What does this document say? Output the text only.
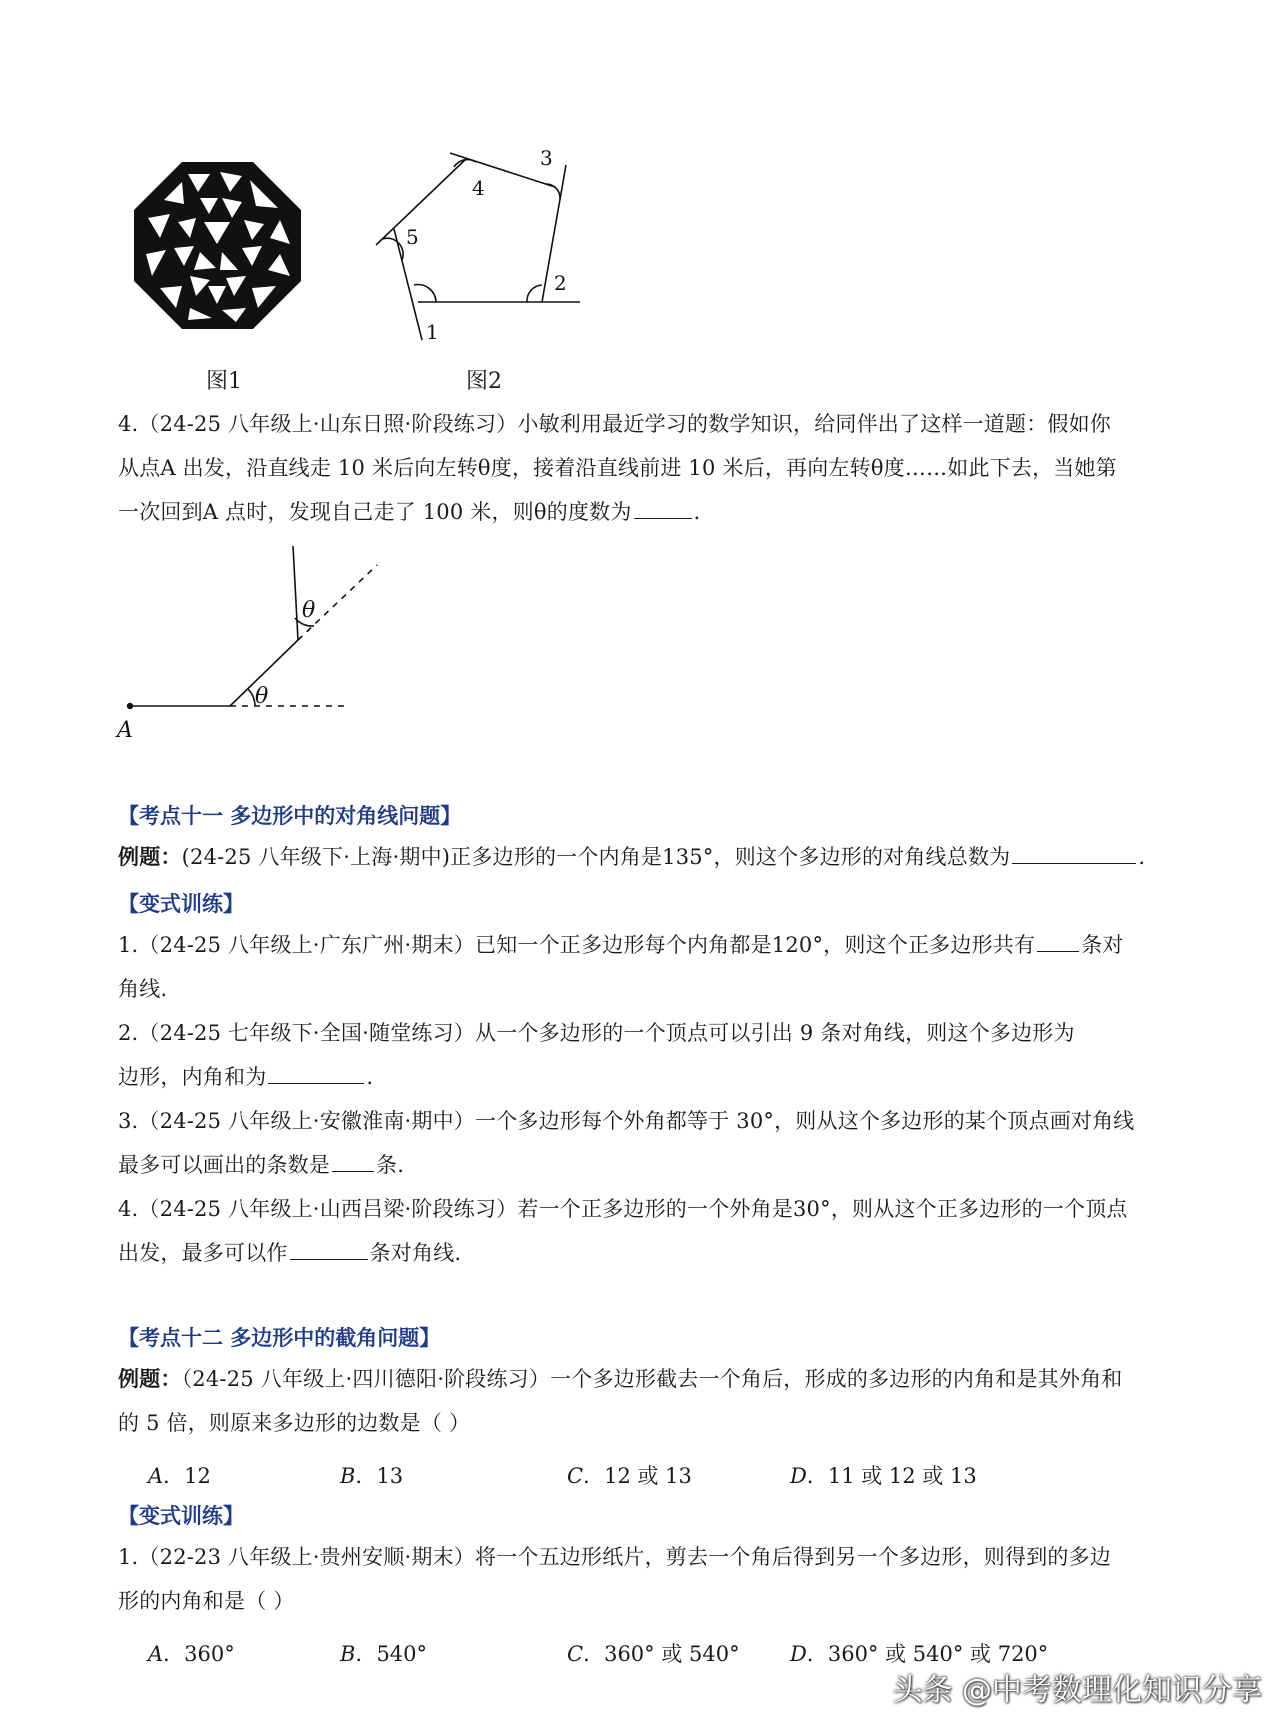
图1
1
2
3
4
5
图2
4.（24-25 八年级上·山东日照·阶段练习）小敏利用最近学习的数学知识，给同伴出了这样一道题：假如你
从点A 出发，沿直线走 10 米后向左转θ度，接着沿直线前进 10 米后，再向左转θ度……如此下去，当她第
一次回到A 点时，发现自己走了 100 米，则θ的度数为	.
θ
θ
A
【考点十一 多边形中的对角线问题】
例题：(24-25 八年级下·上海·期中)正多边形的一个内角是135°，则这个多边形的对角线总数为	.
【变式训练】
1.（24-25 八年级上·广东广州·期末）已知一个正多边形每个内角都是120°，则这个正多边形共有 条对
角线.
2.（24-25 七年级下·全国·随堂练习）从一个多边形的一个顶点可以引出 9 条对角线，则这个多边形为
边形，内角和为	.
3.（24-25 八年级上·安徽淮南·期中）一个多边形每个外角都等于 30°，则从这个多边形的某个顶点画对角线
最多可以画出的条数是 条.
4.（24-25 八年级上·山西吕梁·阶段练习）若一个正多边形的一个外角是30°，则从这个正多边形的一个顶点
出发，最多可以作	条对角线.
【考点十二 多边形中的截角问题】
例题：（24-25 八年级上·四川德阳·阶段练习）一个多边形截去一个角后，形成的多边形的内角和是其外角和
的 5 倍，则原来多边形的边数是（ ）
A．12	B．13	C．12 或 13	D．11 或 12 或 13
【变式训练】
1.（22-23 八年级上·贵州安顺·期末）将一个五边形纸片，剪去一个角后得到另一个多边形，则得到的多边
形的内角和是（ ）
A．360°	B．540°	C．360° 或 540° D．360° 或 540° 或 720°
头条 @中考数理化知识分享
